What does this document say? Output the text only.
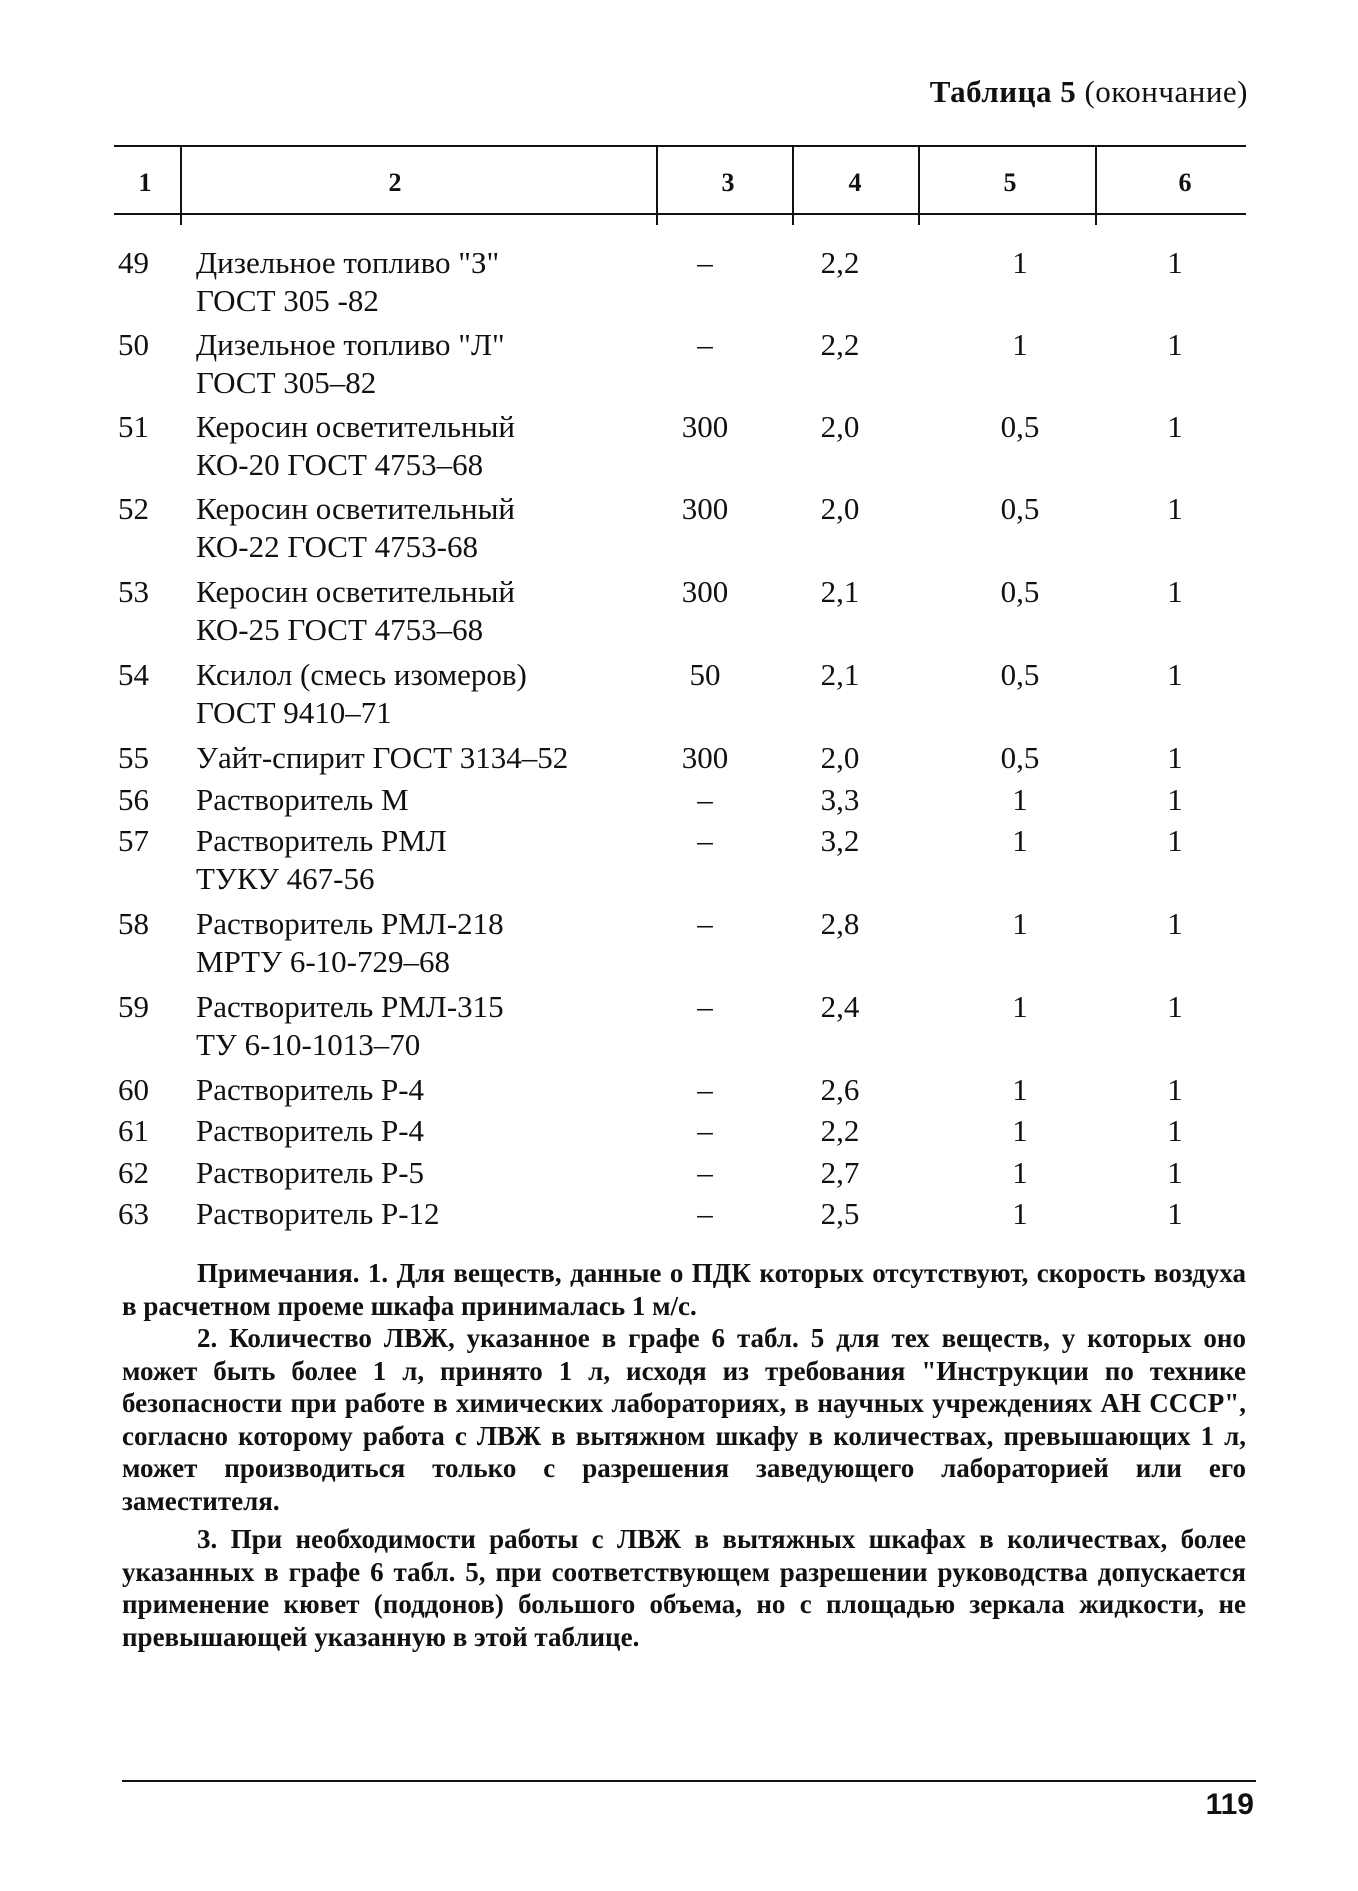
Таблица 5 (окончание)
1	2	3	4	5	6
49	Дизельное топливо "З"
ГОСТ 305 -82
–	2,2	1	1
50	Дизельное топливо "Л"
ГОСТ 305–82
–	2,2	1	1
51	Керосин осветительный
КО-20 ГОСТ 4753–68
300	2,0	0,5	1
52	Керосин осветительный
КО-22 ГОСТ 4753-68
300	2,0	0,5	1
53	Керосин осветительный
КО-25 ГОСТ 4753–68
300	2,1	0,5	1
54	Ксилол (смесь изомеров)
ГОСТ 9410–71
50	2,1	0,5	1
55	Уайт-спирит ГОСТ 3134–52	300	2,0	0,5	1
56	Растворитель М	–	3,3	1	1
57	Растворитель РМЛ
ТУКУ 467-56
–	3,2	1	1
58	Растворитель РМЛ-218
МРТУ 6-10-729–68
–	2,8	1	1
59	Растворитель РМЛ-315
ТУ 6-10-1013–70
–	2,4	1	1
60	Растворитель Р-4	–	2,6	1	1
61	Растворитель Р-4	–	2,2	1	1
62	Растворитель Р-5	–	2,7	1	1
63	Растворитель Р-12	–	2,5	1	1

Примечания. 1. Для веществ, данные о ПДК которых отсутствуют, скорость воздуха в расчетном проеме шкафа принималась 1 м/с.

2. Количество ЛВЖ, указанное в графе 6 табл. 5 для тех веществ, у которых оно может быть более 1 л, принято 1 л, исходя из требования "Инструкции по технике безопасности при работе в химических лабораториях, в научных учреждениях АН СССР", согласно которому работа с ЛВЖ в вытяжном шкафу в количествах, превышающих 1 л, может производиться только с разрешения заведующего лабораторией или его заместителя.

3. При необходимости работы с ЛВЖ в вытяжных шкафах в количествах, более указанных в графе 6 табл. 5, при соответствующем разрешении руководства допускается применение кювет (поддонов) большого объема, но с площадью зеркала жидкости, не превышающей указанную в этой таблице.

119
